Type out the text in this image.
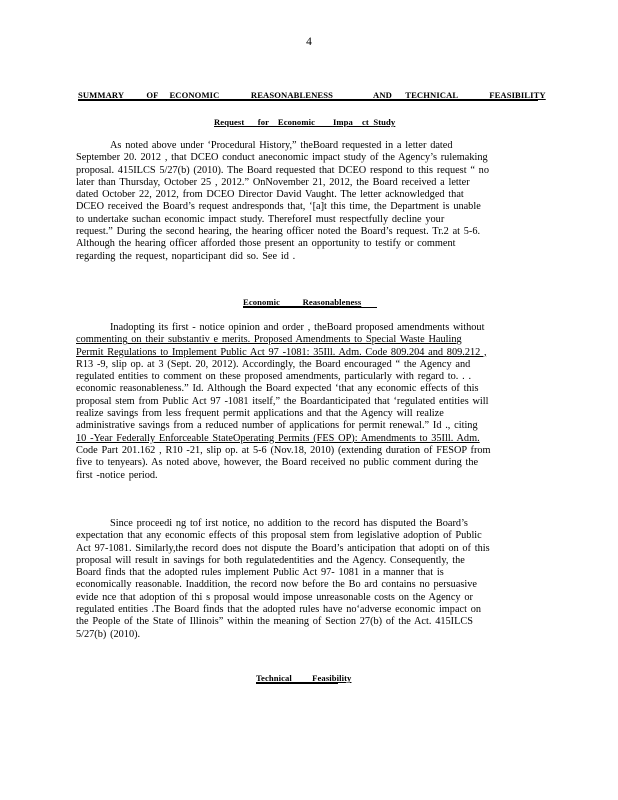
4
SUMMARY          OF     ECONOMIC              REASONABLENESS                  AND      TECHNICAL              FEASIBILITY
Request      for    Economic        Impa    ct  Study
As noted above under ‘Procedural History,” theBoard requested in a letter dated
September 20. 2012 , that DCEO conduct aneconomic impact study of the Agency’s rulemaking
proposal. 415ILCS 5/27(b) (2010). The Board requested that DCEO respond to this request “ no
later than Thursday, October 25 , 2012.” OnNovember 21, 2012, the Board received a letter
dated October 22, 2012, from DCEO Director David Vaught. The letter acknowledged that
DCEO received the Board’s request andresponds that, ‘[a]t this time, the Department is unable
to undertake suchan economic impact study. ThereforeI must respectfully decline your
request.” During the second hearing, the hearing officer noted the Board’s request. Tr.2 at 5-6.
Although the hearing officer afforded those present an opportunity to testify or comment
regarding the request, noparticipant did so. See id .
Economic          Reasonableness
Inadopting its first - notice opinion and order , theBoard proposed amendments without
commenting on their substantiv e merits. Proposed Amendments to Special Waste Hauling
Permit Regulations to Implement Public Act 97 -1081: 35Ill. Adm. Code 809.204 and 809.212 ,
R13 -9, slip op. at 3 (Sept. 20, 2012). Accordingly, the Board encouraged “ the Agency and
regulated entities to comment on these proposed amendments, particularly with regard to. . .
economic reasonableness.” Id. Although the Board expected ‘that any economic effects of this
proposal stem from Public Act 97 -1081 itself,” the Boardanticipated that ‘regulated entities will
realize savings from less frequent permit applications and that the Agency will realize
administrative savings from a reduced number of applications for permit renewal.” Id ., citing
10 -Year Federally Enforceable StateOperating Permits (FES OP): Amendments to 35Ill. Adm.
Code Part 201.162 , R10 -21, slip op. at 5-6 (Nov.18, 2010) (extending duration of FESOP from
five to tenyears). As noted above, however, the Board received no public comment during the
first -notice period.
Since proceedi ng tof irst notice, no addition to the record has disputed the Board’s
expectation that any economic effects of this proposal stem from legislative adoption of Public
Act 97-1081. Similarly,the record does not dispute the Board’s anticipation that adopti on of this
proposal will result in savings for both regulatedentities and the Agency. Consequently, the
Board finds that the adopted rules implement Public Act 97- 1081 in a manner that is
economically reasonable. Inaddition, the record now before the Bo ard contains no persuasive
evide nce that adoption of thi s proposal would impose unreasonable costs on the Agency or
regulated entities .The Board finds that the adopted rules have no‘adverse economic impact on
the People of the State of Illinois” within the meaning of Section 27(b) of the Act. 415ILCS
5/27(b) (2010).
Technical         Feasibility
